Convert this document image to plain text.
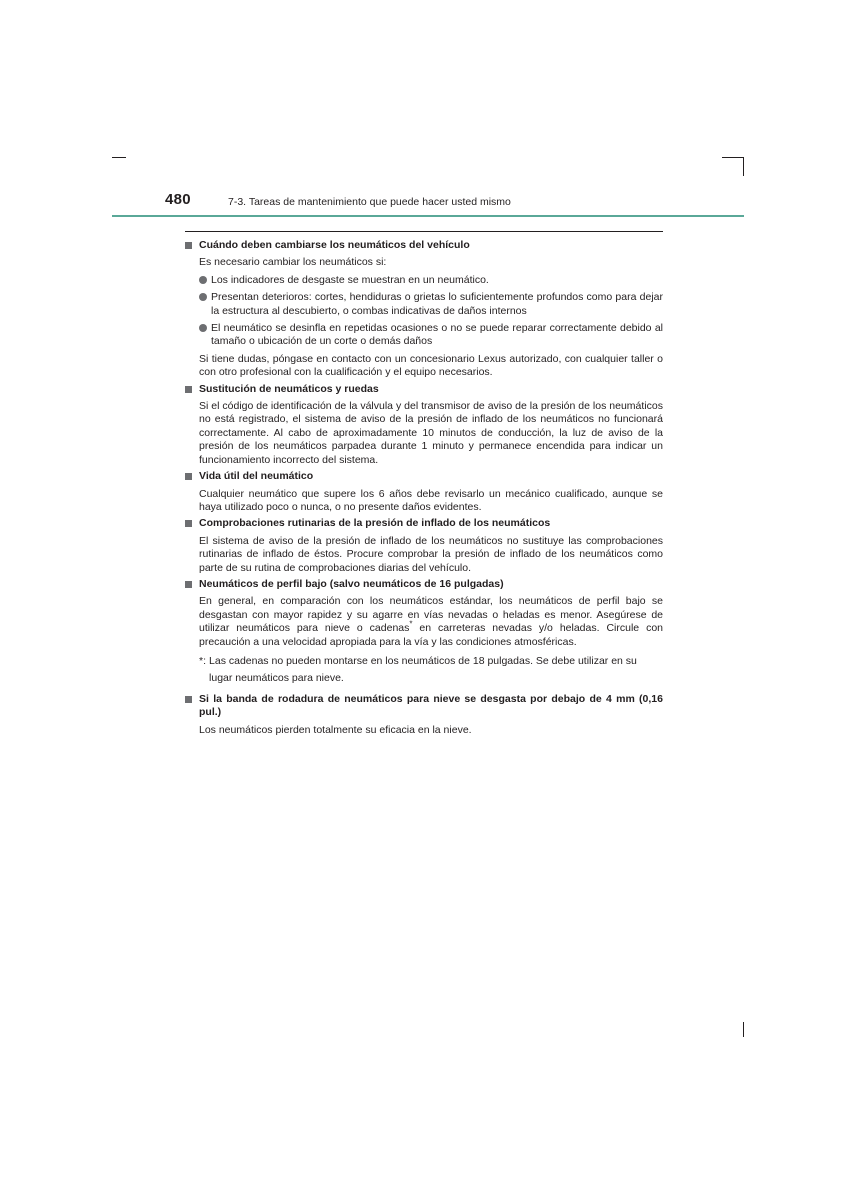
480	7-3. Tareas de mantenimiento que puede hacer usted mismo
Cuándo deben cambiarse los neumáticos del vehículo
Es necesario cambiar los neumáticos si:
Los indicadores de desgaste se muestran en un neumático.
Presentan deterioros: cortes, hendiduras o grietas lo suficientemente profundos como para dejar la estructura al descubierto, o combas indicativas de daños internos
El neumático se desinfla en repetidas ocasiones o no se puede reparar correctamente debido al tamaño o ubicación de un corte o demás daños
Si tiene dudas, póngase en contacto con un concesionario Lexus autorizado, con cualquier taller o con otro profesional con la cualificación y el equipo necesarios.
Sustitución de neumáticos y ruedas
Si el código de identificación de la válvula y del transmisor de aviso de la presión de los neumáticos no está registrado, el sistema de aviso de la presión de inflado de los neumáticos no funcionará correctamente. Al cabo de aproximadamente 10 minutos de conducción, la luz de aviso de la presión de los neumáticos parpadea durante 1 minuto y permanece encendida para indicar un funcionamiento incorrecto del sistema.
Vida útil del neumático
Cualquier neumático que supere los 6 años debe revisarlo un mecánico cualificado, aunque se haya utilizado poco o nunca, o no presente daños evidentes.
Comprobaciones rutinarias de la presión de inflado de los neumáticos
El sistema de aviso de la presión de inflado de los neumáticos no sustituye las comprobaciones rutinarias de inflado de éstos. Procure comprobar la presión de inflado de los neumáticos como parte de su rutina de comprobaciones diarias del vehículo.
Neumáticos de perfil bajo (salvo neumáticos de 16 pulgadas)
En general, en comparación con los neumáticos estándar, los neumáticos de perfil bajo se desgastan con mayor rapidez y su agarre en vías nevadas o heladas es menor. Asegúrese de utilizar neumáticos para nieve o cadenas* en carreteras nevadas y/o heladas. Circule con precaución a una velocidad apropiada para la vía y las condiciones atmosféricas.
*: Las cadenas no pueden montarse en los neumáticos de 18 pulgadas. Se debe utilizar en su lugar neumáticos para nieve.
Si la banda de rodadura de neumáticos para nieve se desgasta por debajo de 4 mm (0,16 pul.)
Los neumáticos pierden totalmente su eficacia en la nieve.
